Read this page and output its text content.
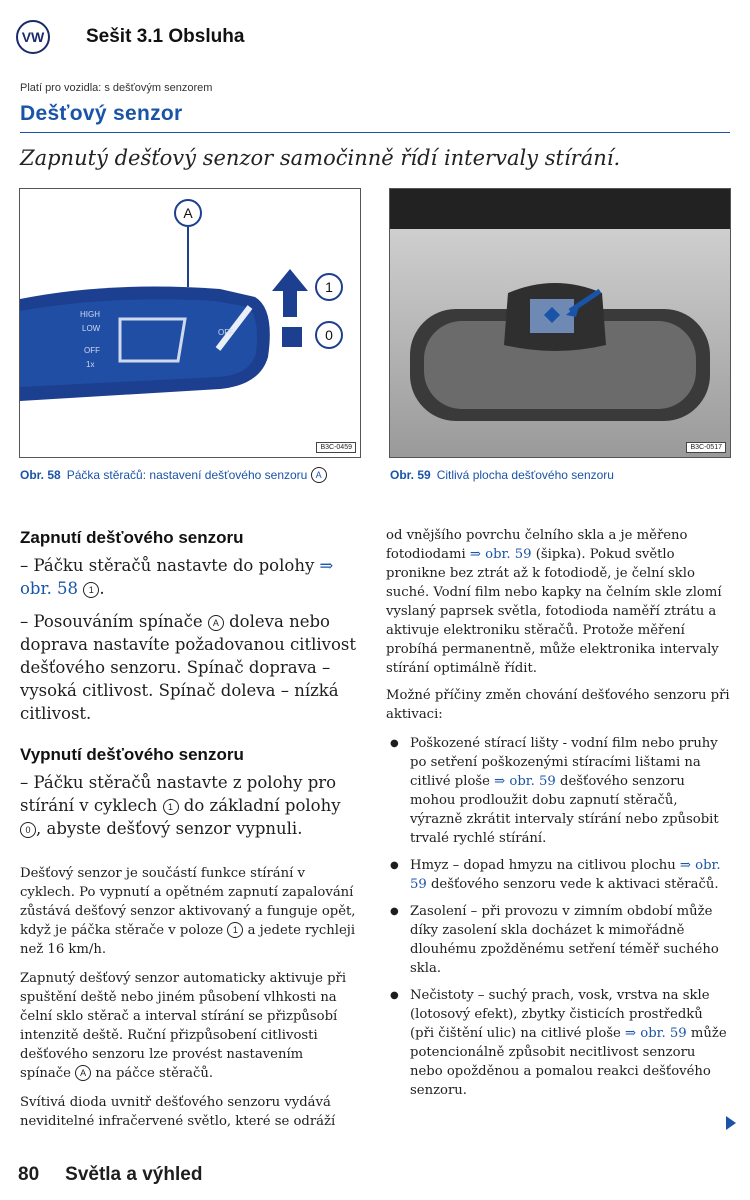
VW	Sešit 3.1 Obsluha
Platí pro vozidla: s dešťovým senzorem
Dešťový senzor
Zapnutý dešťový senzor samočinně řídí intervaly stírání.
A
1
0
HIGH
LOW
OFF
1x
OFF
B3C-0459	B3C-0517
Obr. 58 Páčka stěračů: nastavení dešťového senzoru A	Obr. 59 Citlivá plocha dešťového senzoru
Zapnutí dešťového senzoru

– Páčku stěračů nastavte do polohy ⇒ obr. 58 1 .

– Posouváním spínače A doleva nebo doprava nastavíte požadovanou citlivost dešťového senzoru. Spínač doprava – vysoká citlivost. Spínač doleva – nízká citlivost.

Vypnutí dešťového senzoru

– Páčku stěračů nastavte z polohy pro stírání v cyklech 1 do základní polohy 0 , abyste dešťový senzor vypnuli.

Dešťový senzor je součástí funkce stírání v cyklech. Po vypnutí a opětném zapnutí zapalování zůstává dešťový senzor aktivovaný a funguje opět, když je páčka stěrače v poloze 1 a jedete rychleji než 16 km/h.

Zapnutý dešťový senzor automaticky aktivuje při spuštění deště nebo jiném působení vlhkosti na čelní sklo stěrač a interval stírání se přizpůsobí intenzitě deště. Ruční přizpůsobení citlivosti dešťového senzoru lze provést nastavením spínače A na páčce stěračů.

Svítivá dioda uvnitř dešťového senzoru vydává neviditelné infračervené světlo, které se odráží

od vnějšího povrchu čelního skla a je měřeno fotodiodami ⇒ obr. 59 (šipka). Pokud světlo pronikne bez ztrát až k fotodiodě, je čelní sklo suché. Vodní film nebo kapky na čelním skle zlomí vyslaný paprsek světla, fotodioda naměří ztrátu a aktivuje elektroniku stěračů. Protože měření probíhá permanentně, může elektronika intervaly stírání optimálně řídit.

Možné příčiny změn chování dešťového senzoru při aktivaci:

● Poškozené stírací lišty - vodní film nebo pruhy po setření poškozenými stíracími lištami na citlivé ploše ⇒ obr. 59 dešťového senzoru mohou prodloužit dobu zapnutí stěračů, výrazně zkrátit intervaly stírání nebo způsobit trvalé rychlé stírání.

● Hmyz – dopad hmyzu na citlivou plochu ⇒ obr. 59 dešťového senzoru vede k aktivaci stěračů.

● Zasolení – při provozu v zimním období může díky zasolení skla docházet k mimořádně dlouhému zpožděnému setření téměř suchého skla.

● Nečistoty – suchý prach, vosk, vrstva na skle (lotosový efekt), zbytky čisticích prostředků (při čištění ulic) na citlivé ploše ⇒ obr. 59 může potencionálně způsobit necitlivost senzoru nebo opožděnou a pomalou reakci dešťového senzoru.

80 Světla a výhled
